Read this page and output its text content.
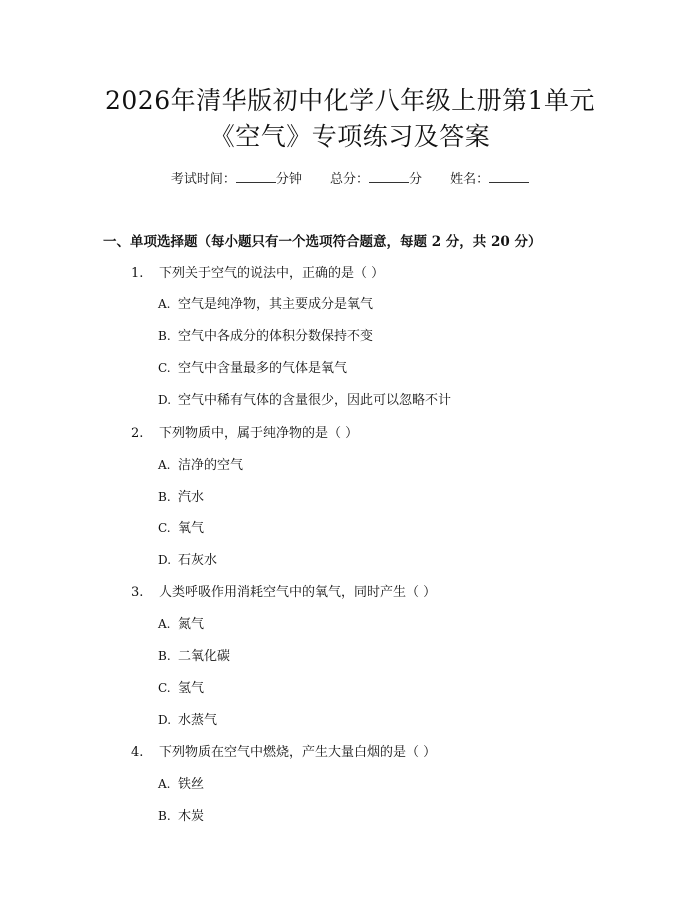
2026年清华版初中化学八年级上册第1单元
《空气》专项练习及答案
考试时间：	分钟 总分：	分 姓名：
一、单项选择题（每小题只有一个选项符合题意，每题 2 分，共 20 分）
1. 下列关于空气的说法中，正确的是（ ）
A. 空气是纯净物，其主要成分是氧气
B. 空气中各成分的体积分数保持不变
C. 空气中含量最多的气体是氧气
D. 空气中稀有气体的含量很少，因此可以忽略不计
2. 下列物质中，属于纯净物的是（ ）
A. 洁净的空气
B. 汽水
C. 氧气
D. 石灰水
3. 人类呼吸作用消耗空气中的氧气，同时产生（ ）
A. 氮气
B. 二氧化碳
C. 氢气
D. 水蒸气
4. 下列物质在空气中燃烧，产生大量白烟的是（ ）
A. 铁丝
B. 木炭
